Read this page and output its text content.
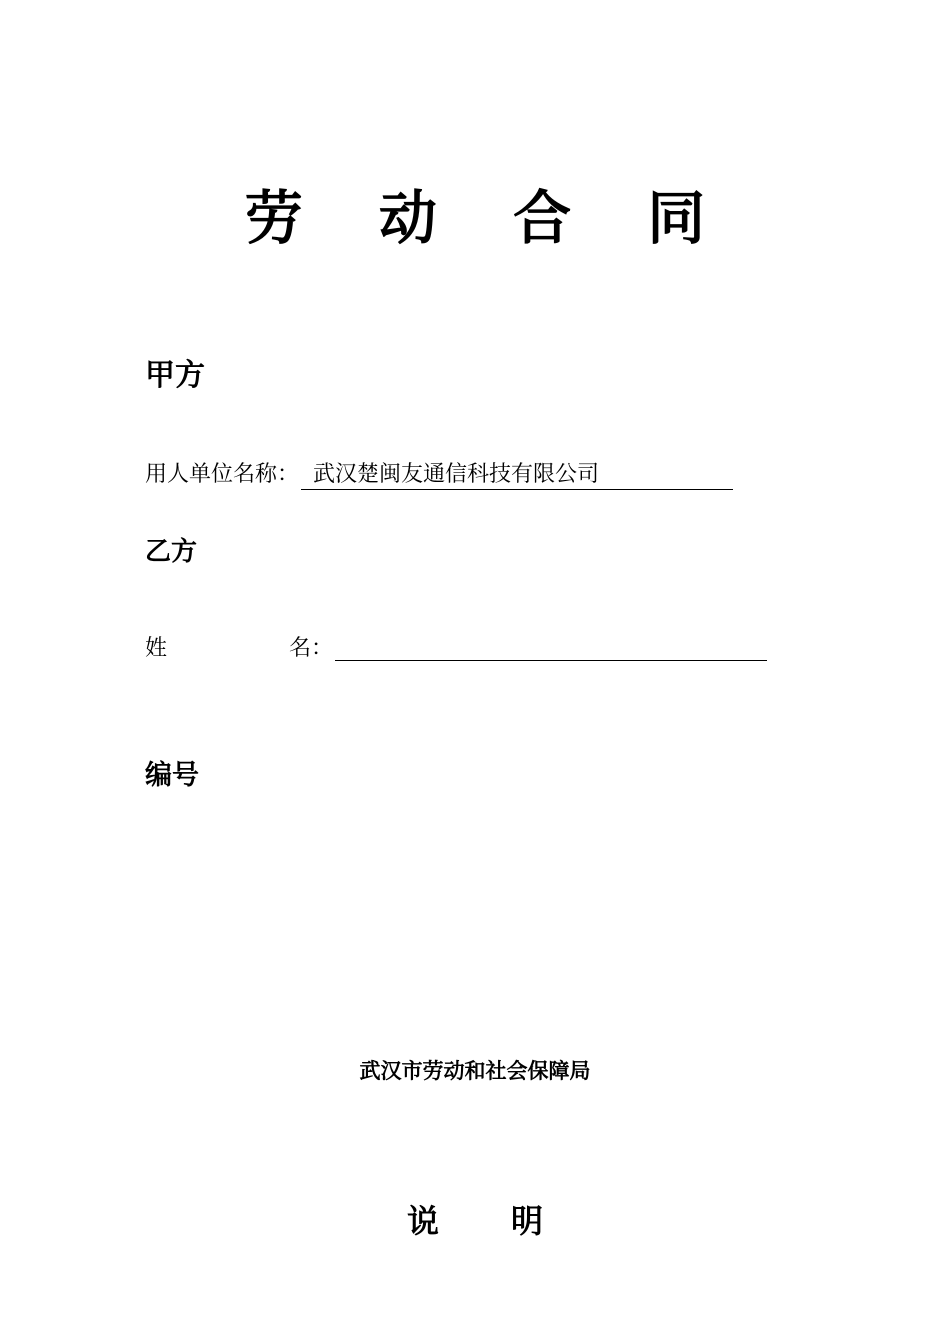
劳 动 合 同
甲方
用人单位名称： 武汉楚闽友通信科技有限公司
乙方
姓	名：
编号
武汉市劳动和社会保障局
说 明
